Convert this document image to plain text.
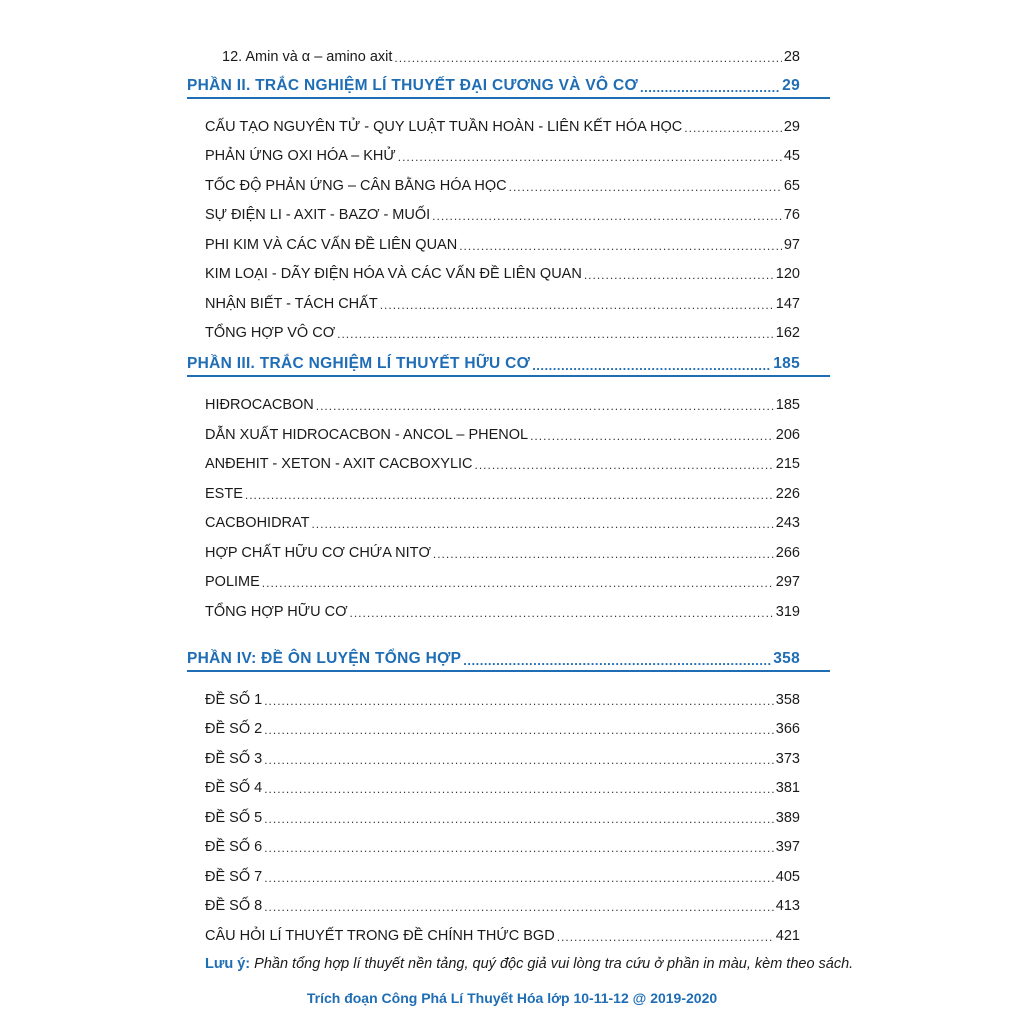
12. Amin và α – amino axit .....	28
PHẦN II. TRẮC NGHIỆM LÍ THUYẾT ĐẠI CƯƠNG VÀ VÔ CƠ .....	29
CẤU TẠO NGUYÊN TỬ - QUY LUẬT TUẦN HOÀN - LIÊN KẾT HÓA HỌC .....	29
PHẢN ỨNG OXI HÓA – KHỬ .....	45
TỐC ĐỘ PHẢN ỨNG – CÂN BẰNG HÓA HỌC .....	65
SỰ ĐIỆN LI - AXIT - BAZƠ - MUỐI .....	76
PHI KIM VÀ CÁC VẤN ĐỀ LIÊN QUAN .....	97
KIM LOẠI - DÃY ĐIỆN HÓA VÀ CÁC VẤN ĐỀ LIÊN QUAN .....	120
NHẬN BIẾT - TÁCH CHẤT .....	147
TỔNG HỢP VÔ CƠ .....	162
PHẦN III. TRẮC NGHIỆM LÍ THUYẾT HỮU CƠ .....	185
HIĐROCACBON .....	185
DẪN XUẤT HIDROCACBON - ANCOL – PHENOL .....	206
ANĐEHIT - XETON - AXIT CACBOXYLIC .....	215
ESTE .....	226
CACBOHIDRAT .....	243
HỢP CHẤT HỮU CƠ CHỨA NITƠ .....	266
POLIME .....	297
TỔNG HỢP HỮU CƠ .....	319
PHẦN IV: ĐỀ ÔN LUYỆN TỔNG HỢP .....	358
ĐỀ SỐ 1 .....	358
ĐỀ SỐ 2 .....	366
ĐỀ SỐ 3 .....	373
ĐỀ SỐ 4 .....	381
ĐỀ SỐ 5 .....	389
ĐỀ SỐ 6 .....	397
ĐỀ SỐ 7 .....	405
ĐỀ SỐ 8 .....	413
CÂU HỎI LÍ THUYẾT TRONG ĐỀ CHÍNH THỨC BGD .....	421
Lưu ý: Phần tổng hợp lí thuyết nền tảng, quý độc giả vui lòng tra cứu ở phần in màu, kèm theo sách.
Trích đoạn Công Phá Lí Thuyết Hóa lớp 10-11-12 @ 2019-2020
